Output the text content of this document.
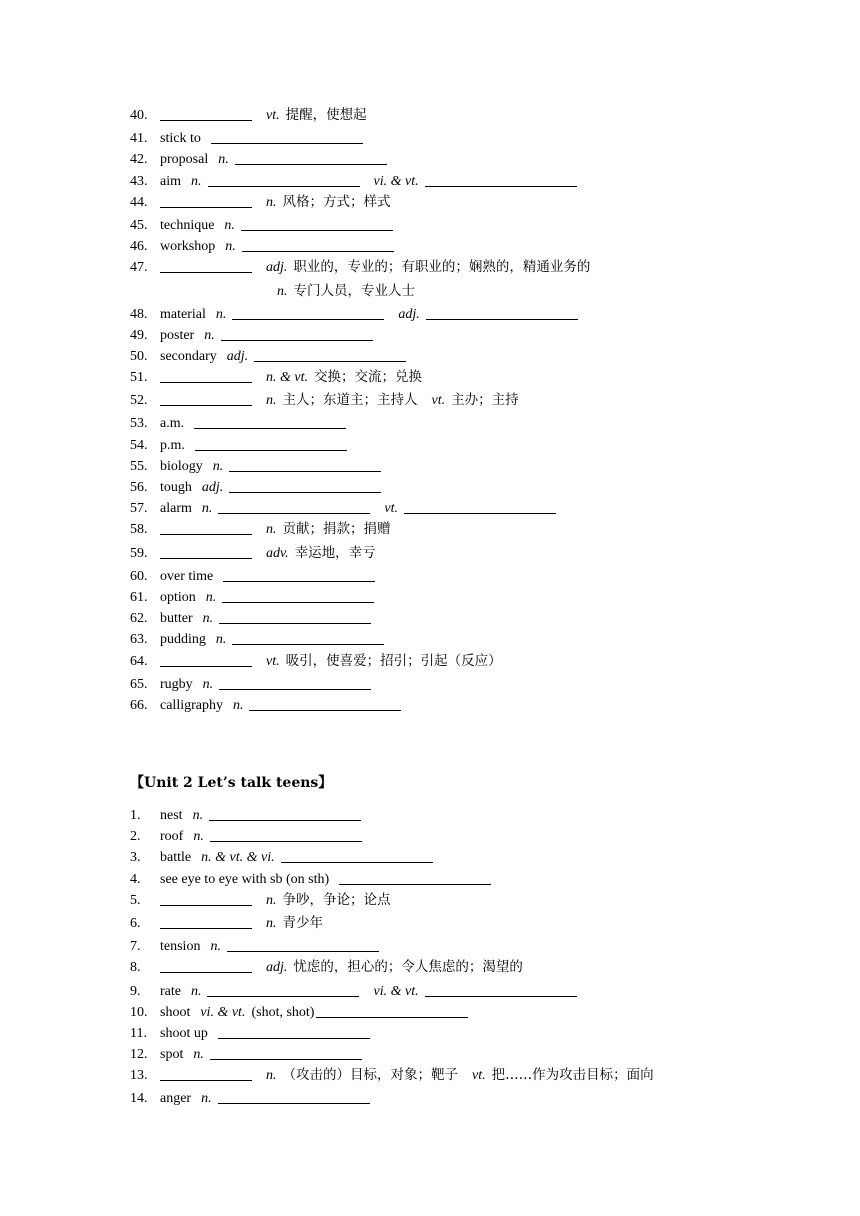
40.	vt. 提醒，使想起
41. stick to
42. proposal n.
43. aim n.	vi. & vt.
44.	n. 风格；方式；样式
45. technique n.
46. workshop n.
47.	adj. 职业的，专业的；有职业的；娴熟的，精通业务的
n. 专门人员，专业人士
48. material n.	adj.
49. poster n.
50. secondary adj.
51.	n. & vt. 交换；交流；兑换
52.	n. 主人；东道主；主持人 vt. 主办；主持
53. a.m.
54. p.m.
55. biology n.
56. tough adj.
57. alarm n.	vt.
58.	n. 贡献；捐款；捐赠
59.	adv. 幸运地，幸亏
60. over time
61. option n.
62. butter n.
63. pudding n.
64.	vt. 吸引，使喜爱；招引；引起（反应）
65. rugby n.
66. calligraphy n.
【Unit 2 Let’s talk teens】
1.	nest n.
2.	roof n.
3.	battle n. & vt. & vi.
4.	see eye to eye with sb (on sth)
5.	n. 争吵，争论；论点
6.	n. 青少年
7.	tension n.
8.	adj. 忧虑的，担心的；令人焦虑的；渴望的
9.	rate n.	vi. & vt.
10. shoot vi. & vt. (shot, shot)
11. shoot up
12. spot n.
13.	n. （攻击的）目标，对象；靶子 vt. 把……作为攻击目标；面向
14. anger n.
